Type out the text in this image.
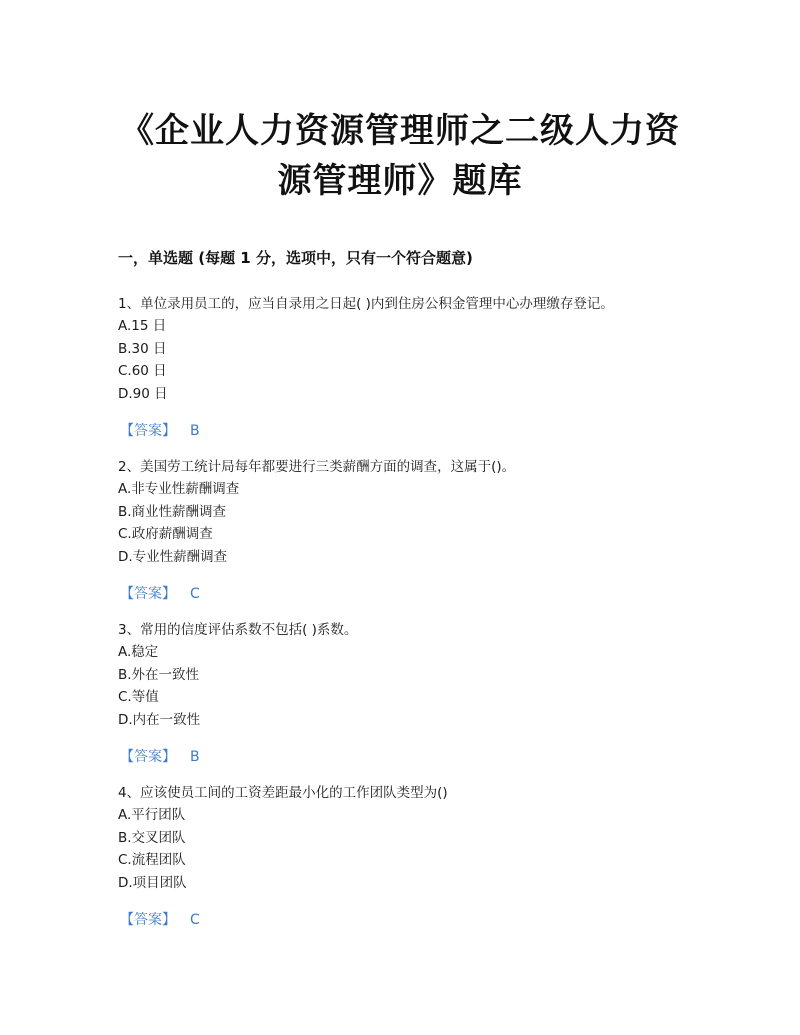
《企业人力资源管理师之二级人力资
源管理师》题库
一，单选题 (每题 1 分，选项中，只有一个符合题意)
1、单位录用员工的，应当自录用之日起( )内到住房公积金管理中心办理缴存登记。
A.15 日
B.30 日
C.60 日
D.90 日
【答案】 B
2、美国劳工统计局每年都要进行三类薪酬方面的调查，这属于()。
A.非专业性薪酬调查
B.商业性薪酬调查
C.政府薪酬调查
D.专业性薪酬调查
【答案】 C
3、常用的信度评估系数不包括( )系数。
A.稳定
B.外在一致性
C.等值
D.内在一致性
【答案】 B
4、应该使员工间的工资差距最小化的工作团队类型为()
A.平行团队
B.交叉团队
C.流程团队
D.项目团队
【答案】 C
